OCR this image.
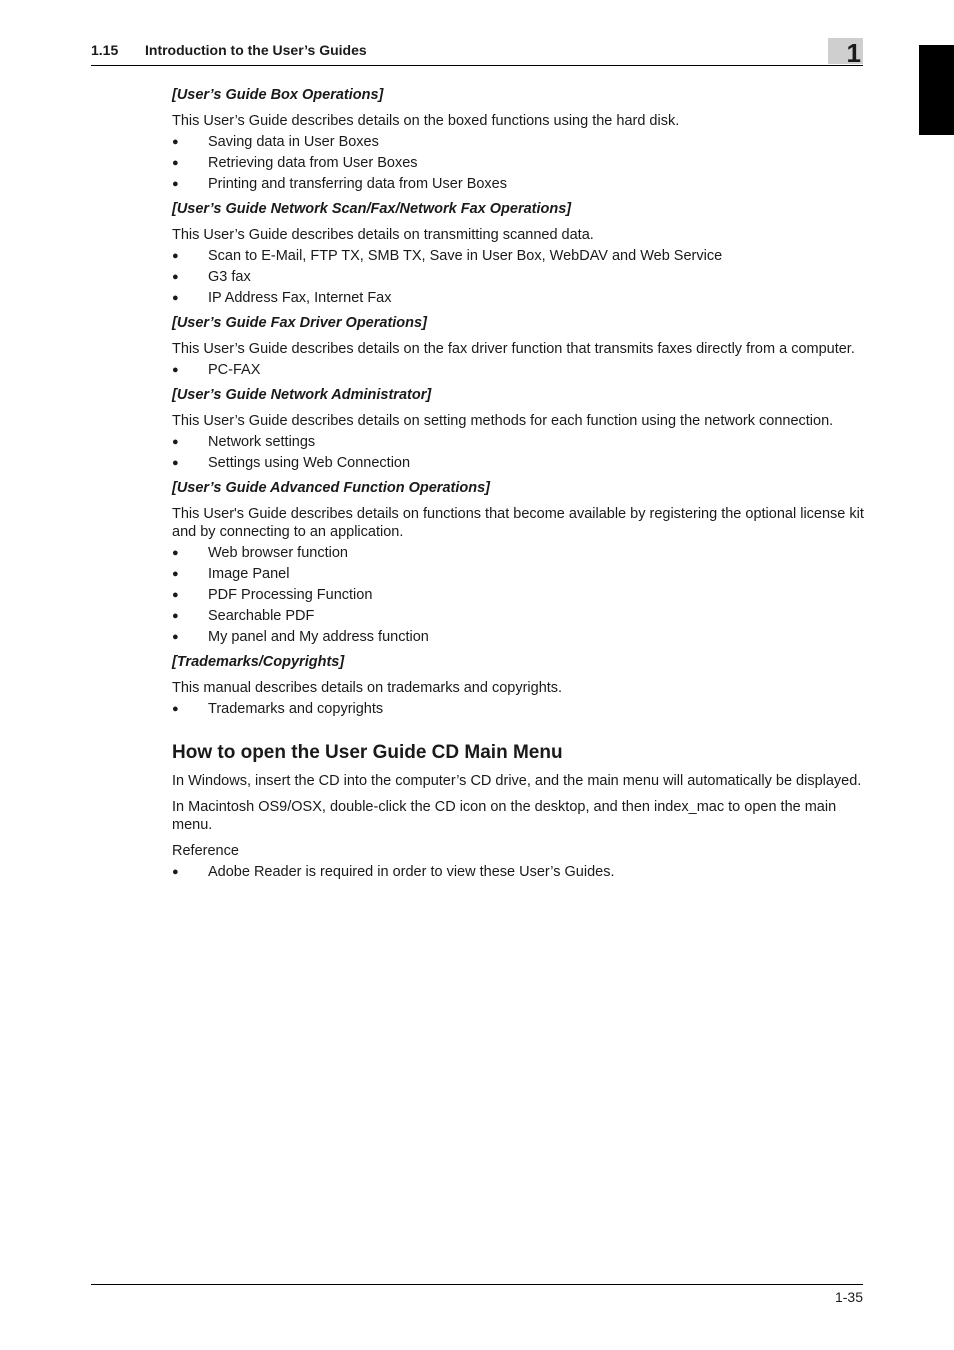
1.15 Introduction to the User’s Guides	1
[User’s Guide Box Operations]

This User’s Guide describes details on the boxed functions using the hard disk.

● Saving data in User Boxes
● Retrieving data from User Boxes
● Printing and transferring data from User Boxes
[User’s Guide Network Scan/Fax/Network Fax Operations]

This User’s Guide describes details on transmitting scanned data.

● Scan to E-Mail, FTP TX, SMB TX, Save in User Box, WebDAV and Web Service
● G3 fax
● IP Address Fax, Internet Fax
[User’s Guide Fax Driver Operations]

This User’s Guide describes details on the fax driver function that transmits faxes directly from a computer.

● PC-FAX
[User’s Guide Network Administrator]

This User’s Guide describes details on setting methods for each function using the network connection.

● Network settings
● Settings using Web Connection
[User’s Guide Advanced Function Operations]

This User's Guide describes details on functions that become available by registering the optional license kit and by connecting to an application.

● Web browser function
● Image Panel
● PDF Processing Function
● Searchable PDF
● My panel and My address function
[Trademarks/Copyrights]

This manual describes details on trademarks and copyrights.

● Trademarks and copyrights
How to open the User Guide CD Main Menu

In Windows, insert the CD into the computer’s CD drive, and the main menu will automatically be displayed.

In Macintosh OS9/OSX, double-click the CD icon on the desktop, and then index_mac to open the main menu.

Reference

● Adobe Reader is required in order to view these User’s Guides.
1-35
